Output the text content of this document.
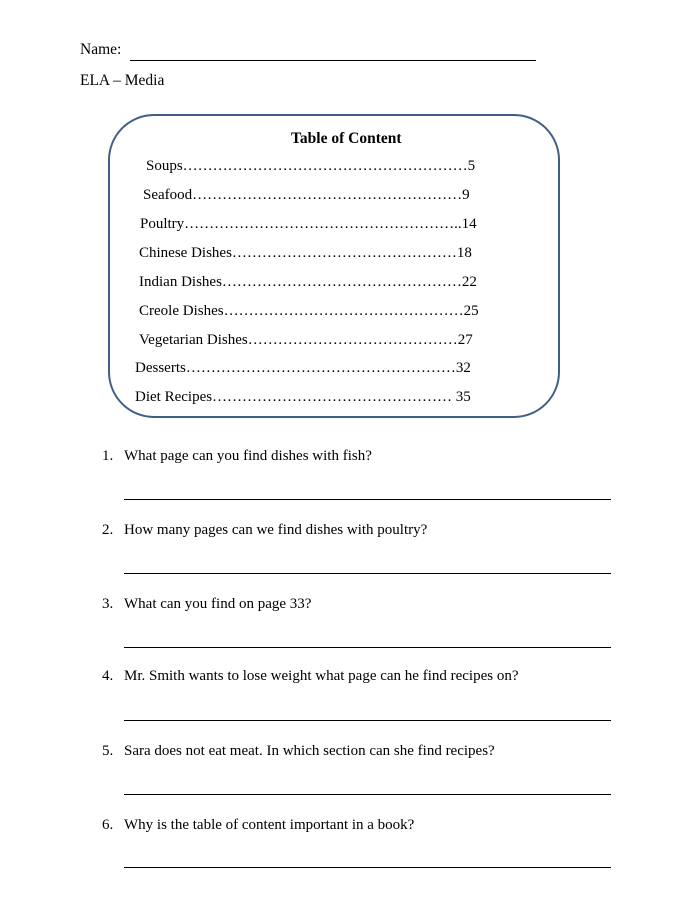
Name:
ELA – Media
Table of Content
Soups…………………………………………………5
Seafood………………………………………………9
Poultry………………………………………………..14
Chinese Dishes………………………………………18
Indian Dishes…………………………………………22
Creole Dishes…………………………………………25
Vegetarian Dishes……………………………………27
Desserts………………………………………………32
Diet Recipes………………………………………… 35
1. What page can you find dishes with fish?
2. How many pages can we find dishes with poultry?
3. What can you find on page 33?
4. Mr. Smith wants to lose weight what page can he find recipes on?
5. Sara does not eat meat. In which section can she find recipes?
6. Why is the table of content important in a book?
